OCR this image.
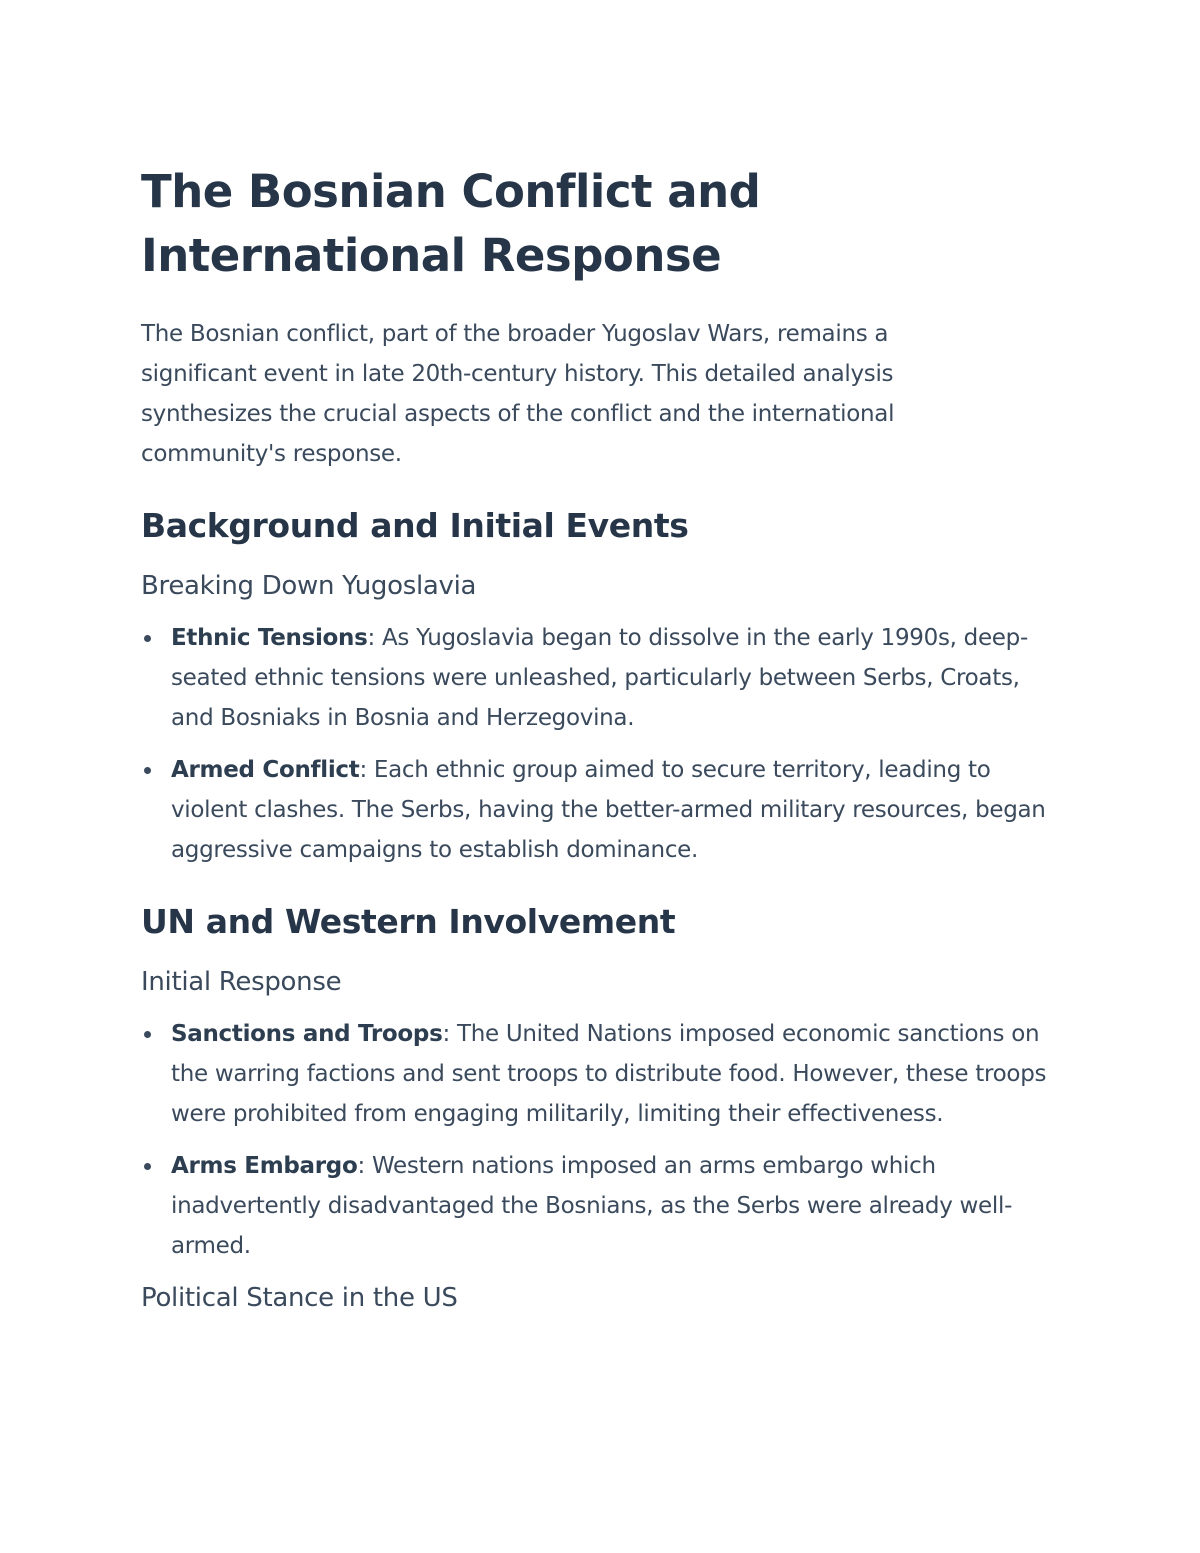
The Bosnian Conflict and International Response

The Bosnian conflict, part of the broader Yugoslav Wars, remains a significant event in late 20th-century history. This detailed analysis synthesizes the crucial aspects of the conflict and the international community's response.

Background and Initial Events
Breaking Down Yugoslavia
Ethnic Tensions: As Yugoslavia began to dissolve in the early 1990s, deep-seated ethnic tensions were unleashed, particularly between Serbs, Croats, and Bosniaks in Bosnia and Herzegovina.
Armed Conflict: Each ethnic group aimed to secure territory, leading to violent clashes. The Serbs, having the better-armed military resources, began aggressive campaigns to establish dominance.
UN and Western Involvement
Initial Response
Sanctions and Troops: The United Nations imposed economic sanctions on the warring factions and sent troops to distribute food. However, these troops were prohibited from engaging militarily, limiting their effectiveness.
Arms Embargo: Western nations imposed an arms embargo which inadvertently disadvantaged the Bosnians, as the Serbs were already well-armed.
Political Stance in the US
